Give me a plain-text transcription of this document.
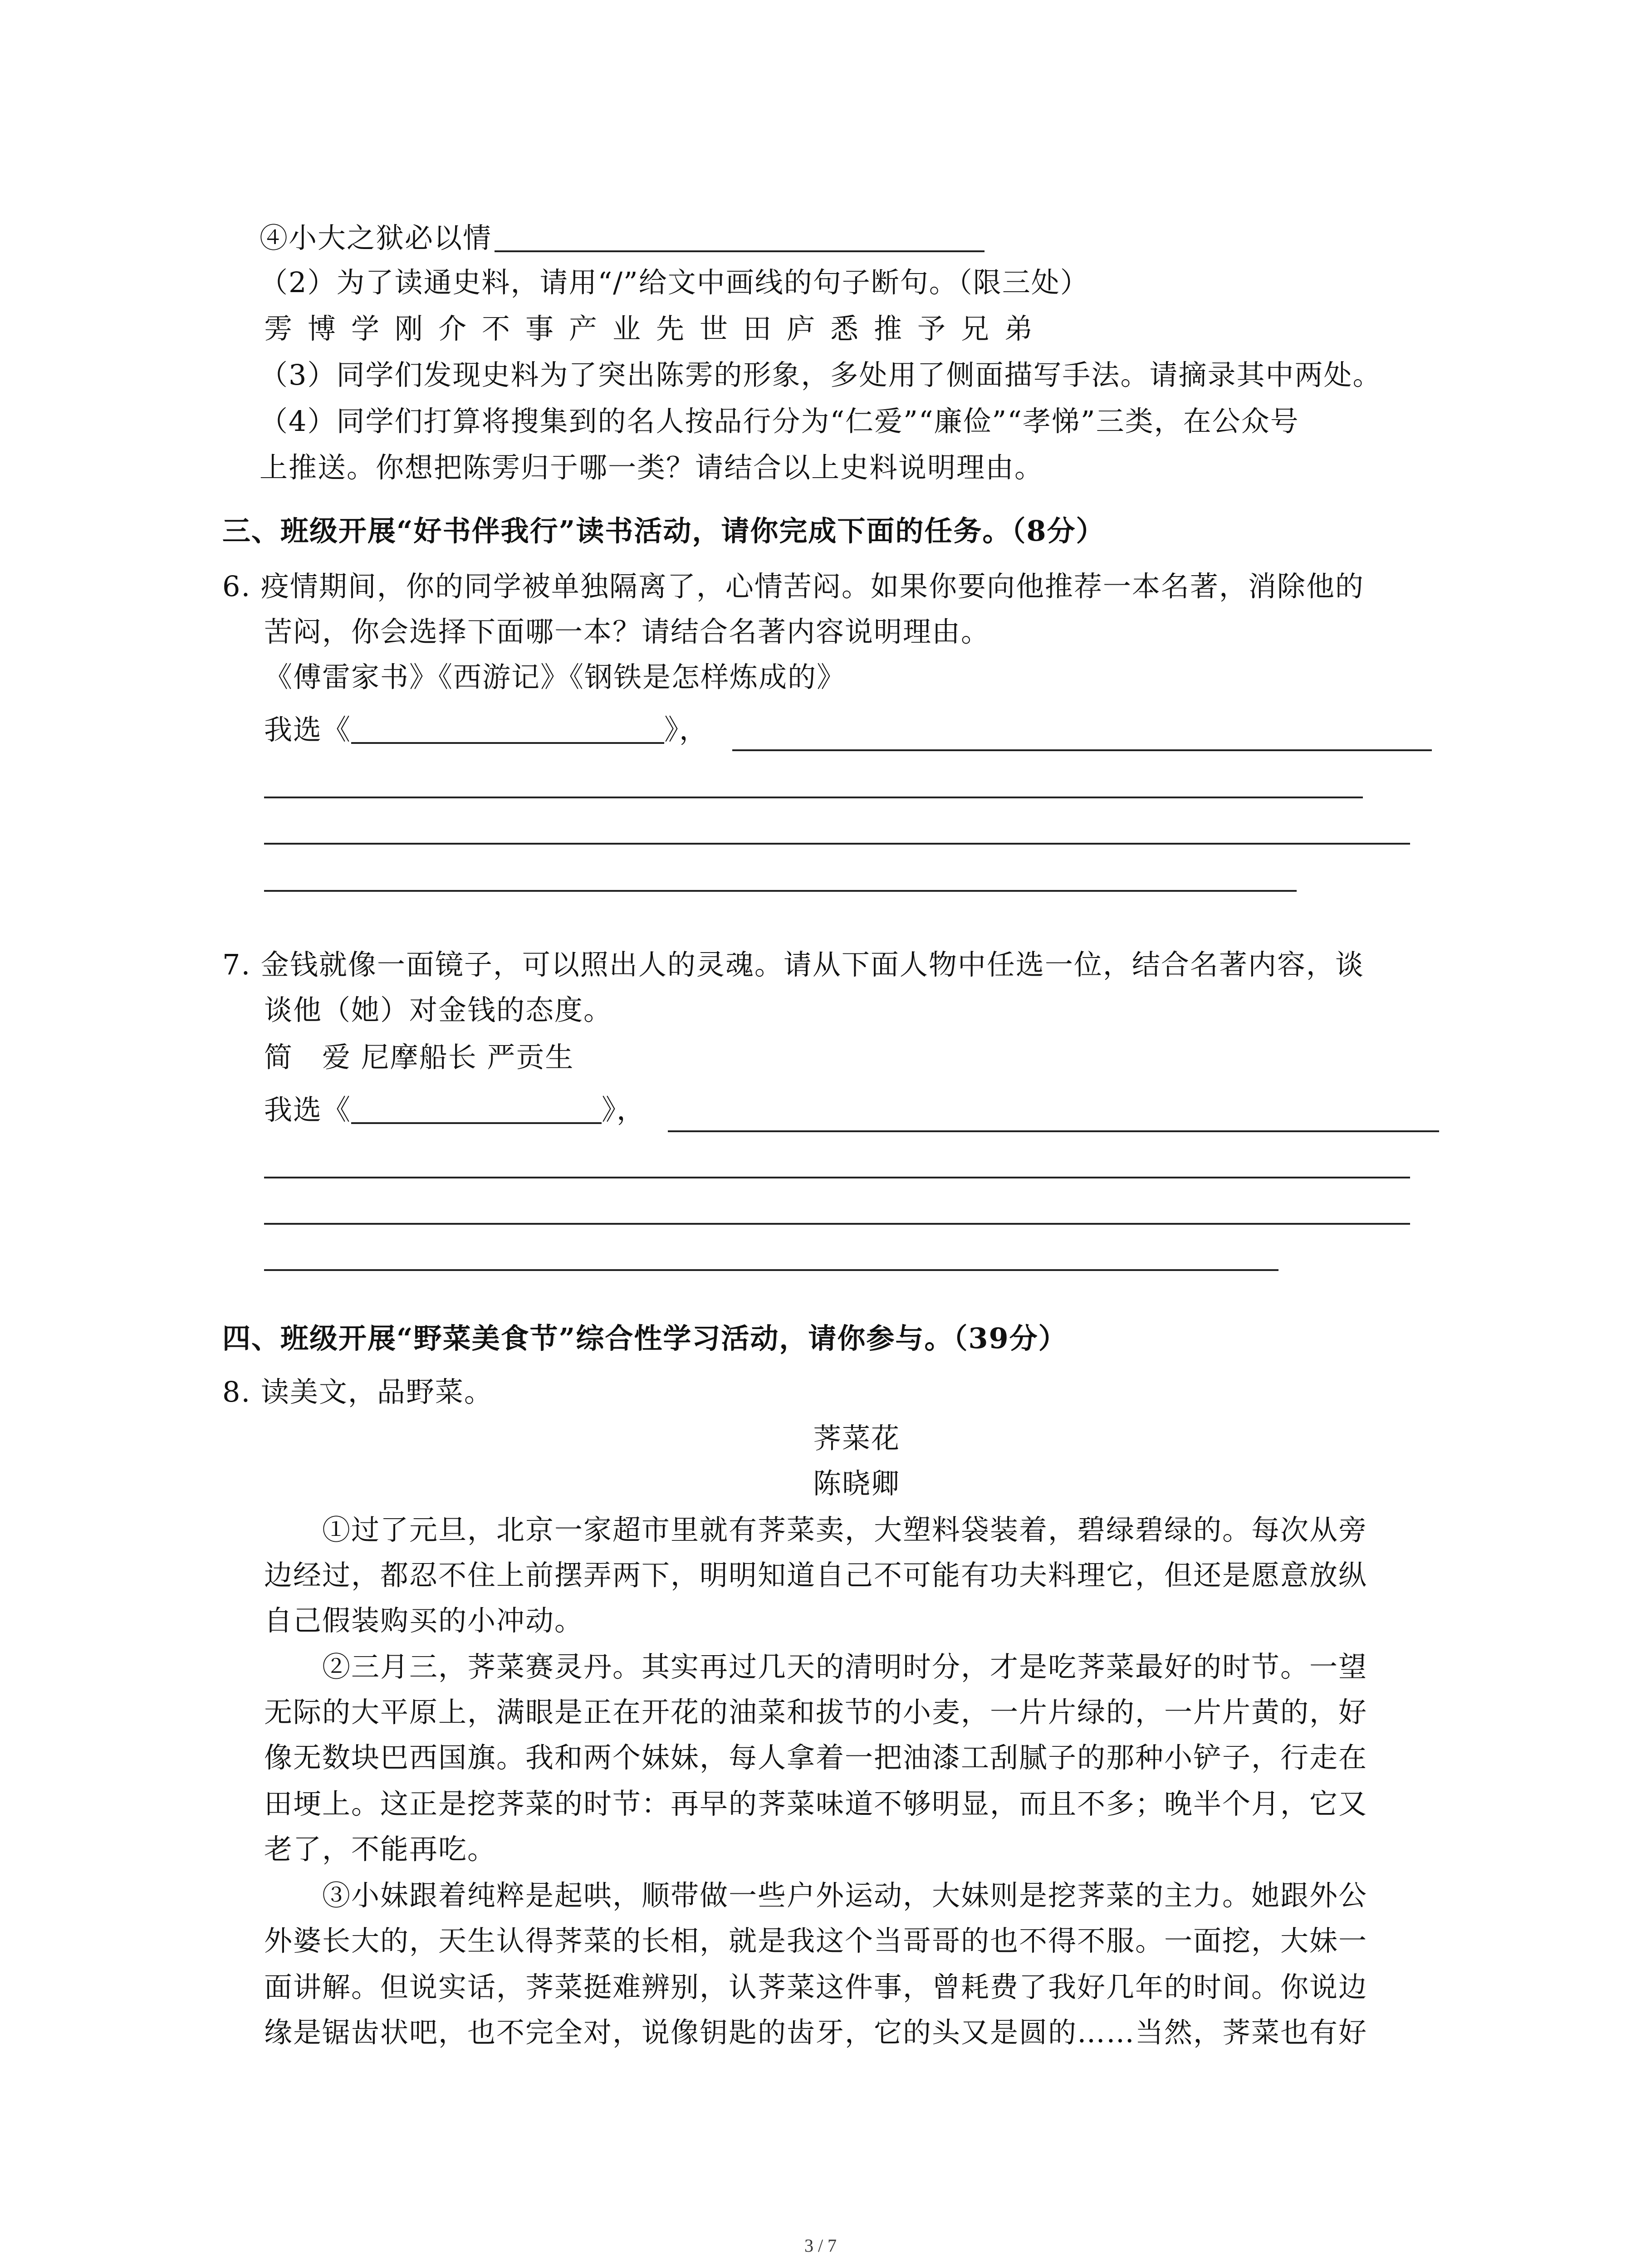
④小大之狱必以情
（2）为了读通史料，请用“/”给文中画线的句子断句。（限三处）
雱博学刚介不事产业先世田庐悉推予兄弟
（3）同学们发现史料为了突出陈雱的形象，多处用了侧面描写手法。请摘录其中两处。
（4）同学们打算将搜集到的名人按品行分为“仁爱”“廉俭”“孝悌”三类，在公众号
上推送。你想把陈雱归于哪一类？请结合以上史料说明理由。
三、班级开展“好书伴我行”读书活动，请你完成下面的任务。（8分）
6. 疫情期间，你的同学被单独隔离了，心情苦闷。如果你要向他推荐一本名著，消除他的
苦闷，你会选择下面哪一本？请结合名著内容说明理由。
《傅雷家书》《西游记》《钢铁是怎样炼成的》
我选《	》，
7. 金钱就像一面镜子，可以照出人的灵魂。请从下面人物中任选一位，结合名著内容，谈
谈他（她）对金钱的态度。
简　爱 尼摩船长 严贡生
我选《	》，
四、班级开展“野菜美食节”综合性学习活动，请你参与。（39分）
8. 读美文，品野菜。
荠菜花
陈晓卿
①过了元旦，北京一家超市里就有荠菜卖，大塑料袋装着，碧绿碧绿的。每次从旁
边经过，都忍不住上前摆弄两下，明明知道自己不可能有功夫料理它，但还是愿意放纵
自己假装购买的小冲动。
②三月三，荠菜赛灵丹。其实再过几天的清明时分，才是吃荠菜最好的时节。一望
无际的大平原上，满眼是正在开花的油菜和拔节的小麦，一片片绿的，一片片黄的，好
像无数块巴西国旗。我和两个妹妹，每人拿着一把油漆工刮腻子的那种小铲子，行走在
田埂上。这正是挖荠菜的时节：再早的荠菜味道不够明显，而且不多；晚半个月，它又
老了，不能再吃。
③小妹跟着纯粹是起哄，顺带做一些户外运动，大妹则是挖荠菜的主力。她跟外公
外婆长大的，天生认得荠菜的长相，就是我这个当哥哥的也不得不服。一面挖，大妹一
面讲解。但说实话，荠菜挺难辨别，认荠菜这件事，曾耗费了我好几年的时间。你说边
缘是锯齿状吧，也不完全对，说像钥匙的齿牙，它的头又是圆的……当然，荠菜也有好
3 / 7
